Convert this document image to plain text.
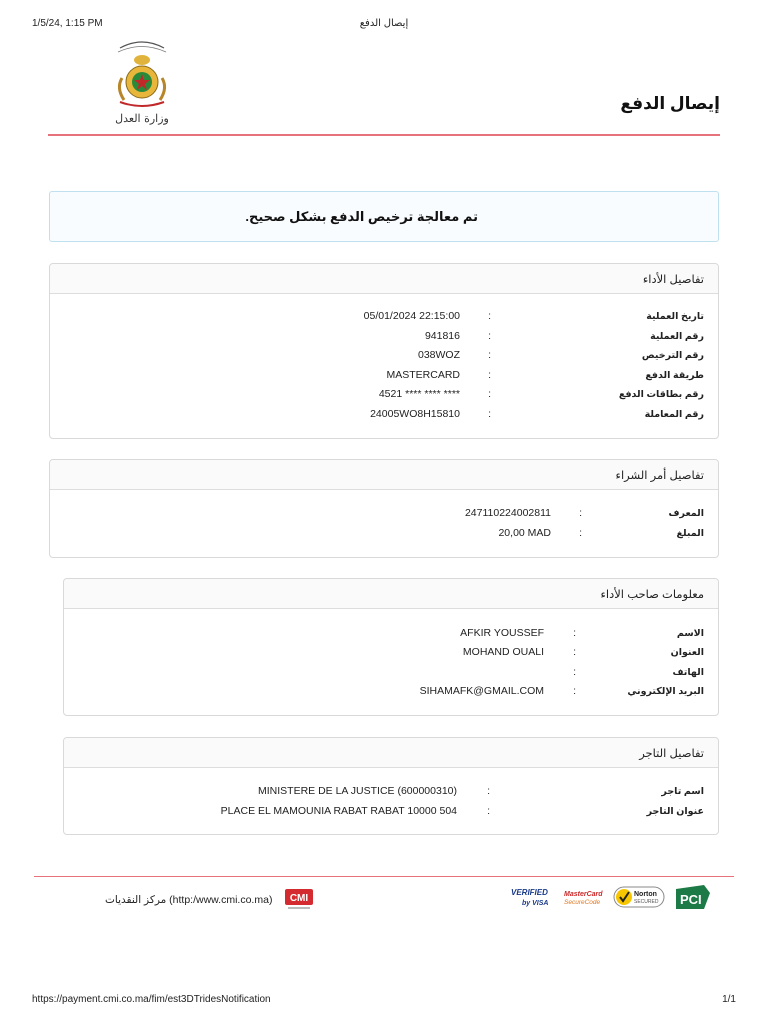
1/5/24, 1:15 PM	إيصال الدفع
وزارة العدل
إيصال الدفع
تم معالجة ترخيص الدفع بشكل صحيح.
تفاصيل الأداء
تاريخ العملية
:
05/01/2024 22:15:00
رقم العملية
:
941816
رقم الترخيص
:
038WOZ
طريقة الدفع
:
MASTERCARD
رقم بطاقات الدفع
:
4521 **** **** ****
رقم المعاملة
:
24005WO8H15810
تفاصيل أمر الشراء
المعرف
:
247110224002811
المبلغ
:
20,00 MAD
معلومات صاحب الأداء
الاسم
:
AFKIR YOUSSEF
العنوان
:
MOHAND OUALI
الهاتف
:
البريد الإلكتروني
:
SIHAMAFK@GMAIL.COM
تفاصيل التاجر
اسم تاجر
:
MINISTERE DE LA JUSTICE (600000310)
عنوان التاجر
:
PLACE EL MAMOUNIA RABAT RABAT 10000 504
مركز النقديات (http:/www.cmi.co.ma) CMI
VERIFIED
by VISA
MasterCard
SecureCode
Norton
SECURED PCI
https://payment.cmi.co.ma/fim/est3DTridesNotification	1/1
